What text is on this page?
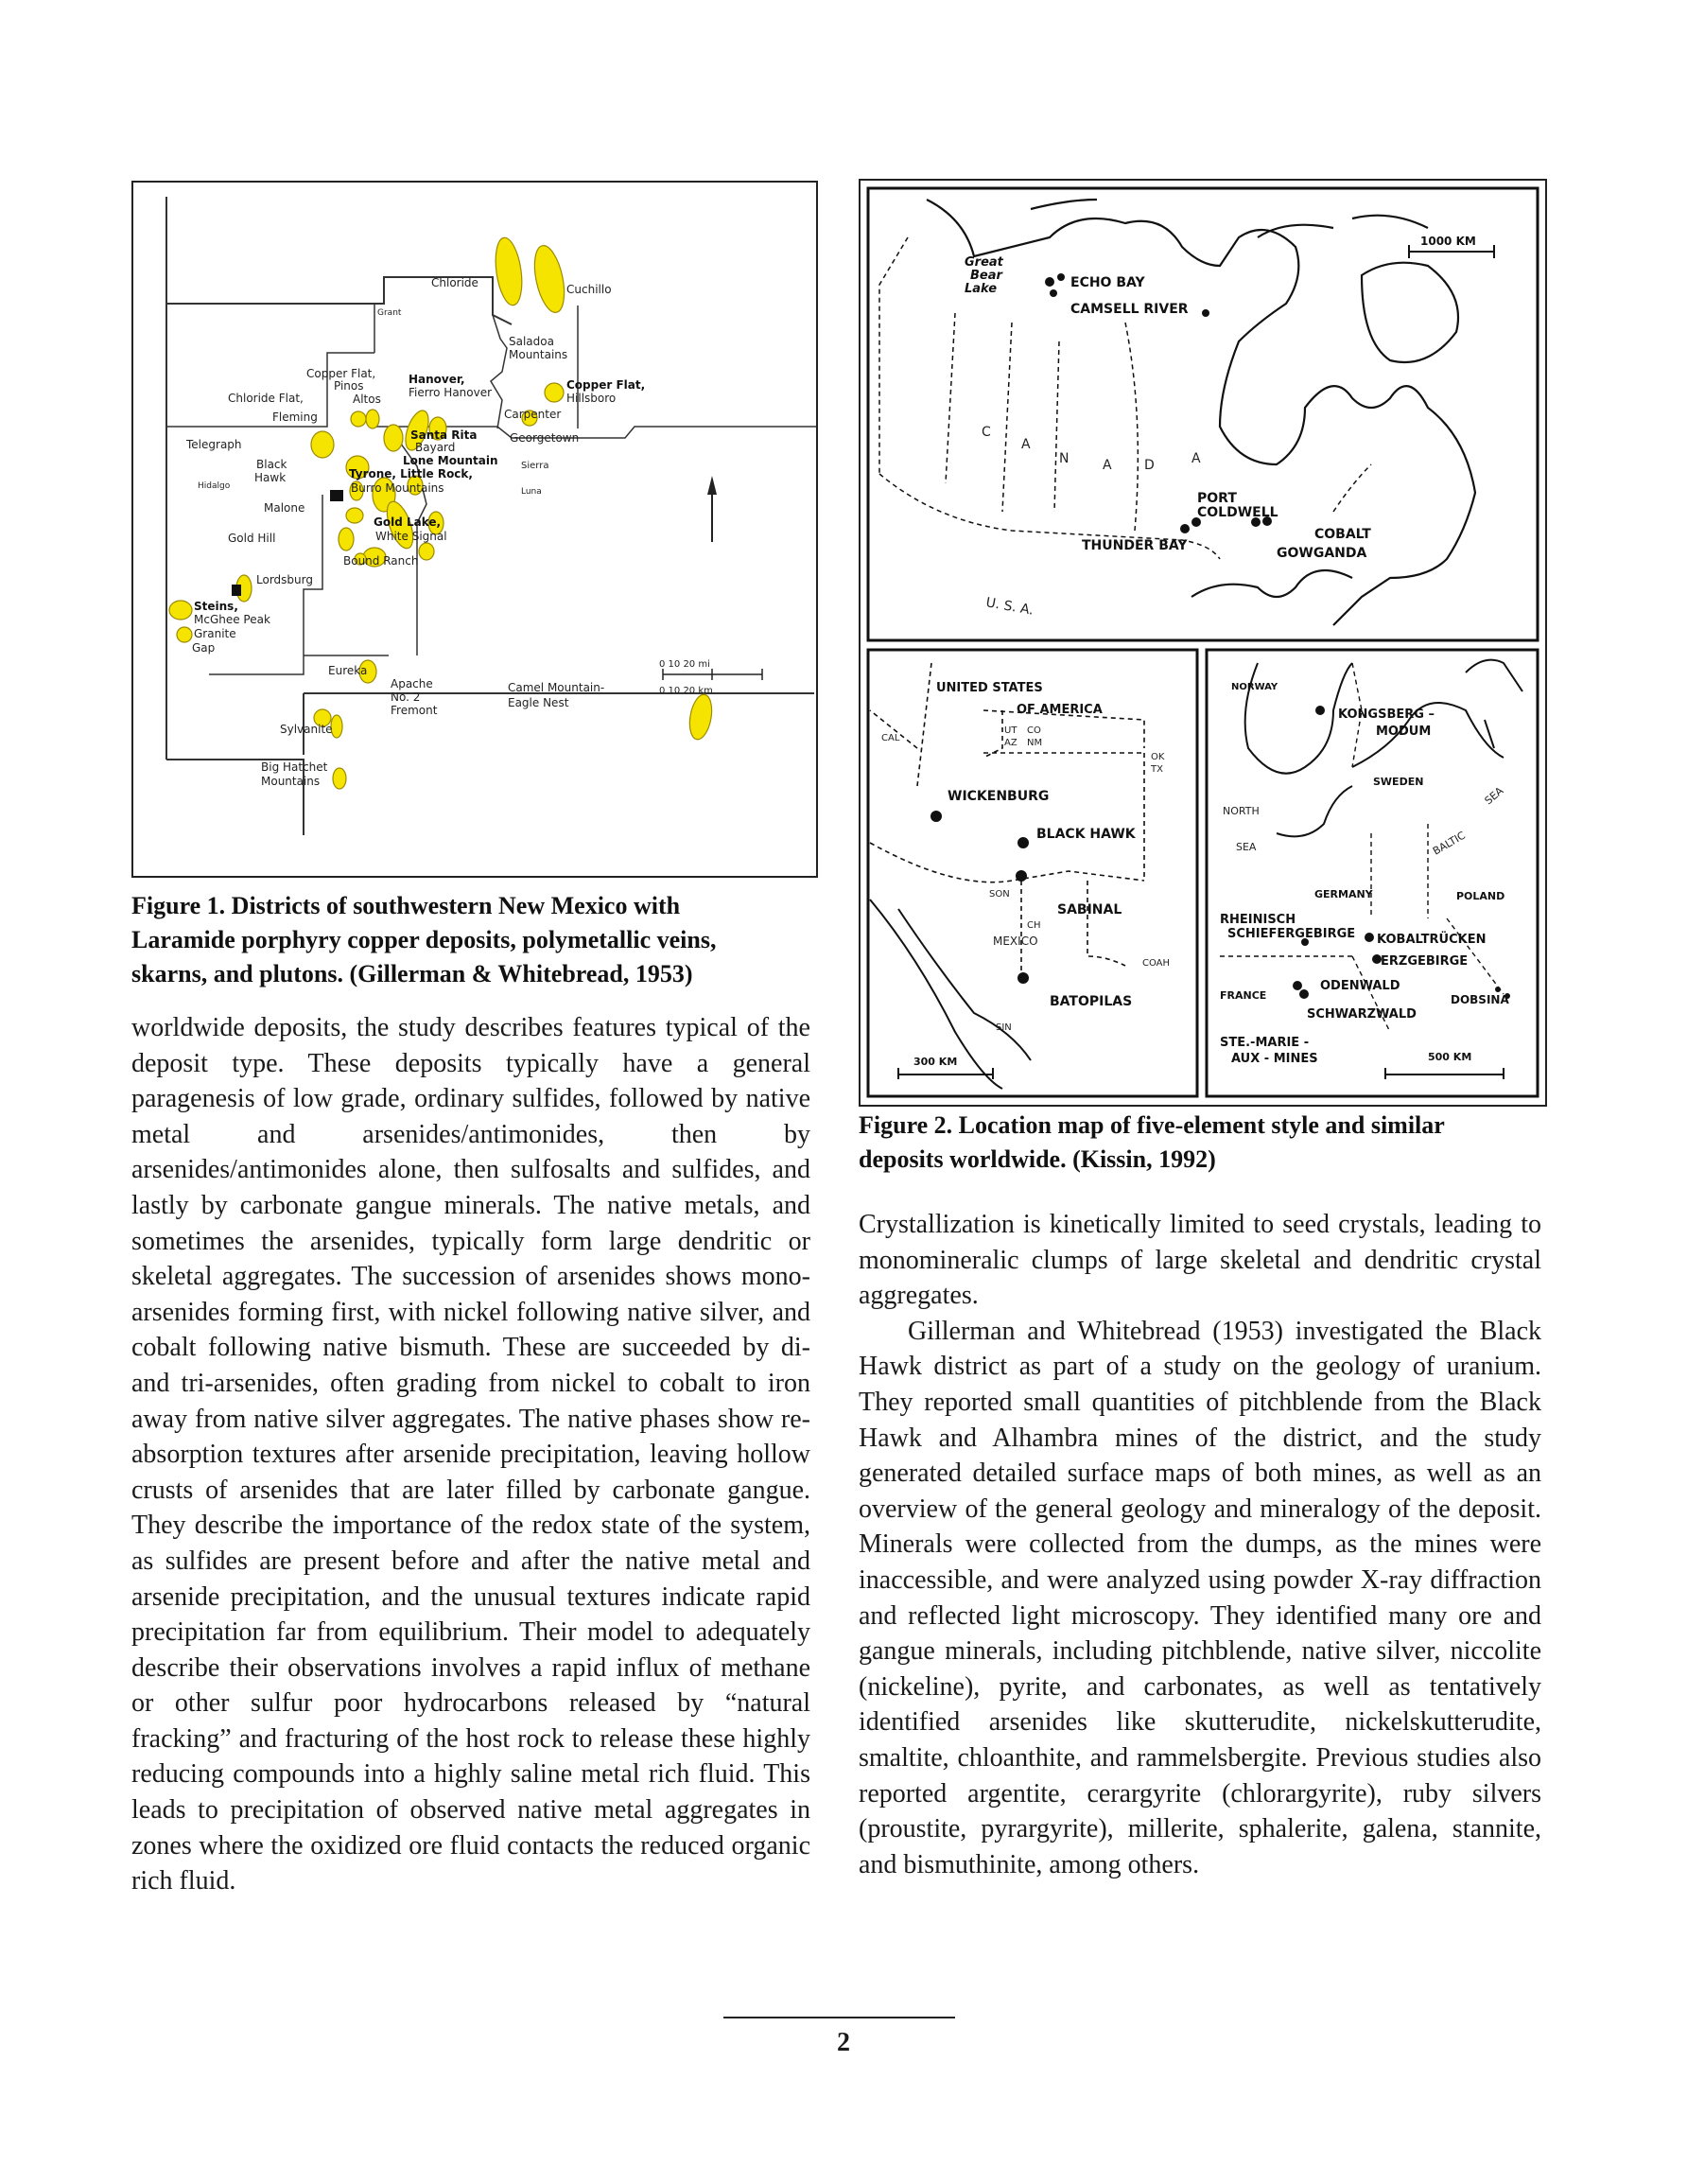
Chloride	Cuchillo
Grant
Saladoa
Mountains
Copper Flat,
Pinos
Altos
Hanover,
Fierro Hanover
Copper Flat,
Hillsboro
Chloride Flat,
Carpenter
Fleming
Telegraph
Santa Rita
Bayard
Georgetown
Black
Hawk
Lone Mountain Sierra
Hidalgo
Tyrone, Little Rock,
Burro Mountains	Luna
Malone
Gold Lake,
White Signal
Gold Hill
Bound Ranch
Lordsburg
Steins,
McGhee Peak
Granite
Gap
Eureka
Apache
No. 2
Fremont
Camel Mountain-
Eagle Nest
Sylvanite
Big Hatchet
Mountains
0 10 20 mi
0 10 20 km
Figure 1. Districts of southwestern New Mexico with Laramide porphyry copper deposits, polymetallic veins, skarns, and plutons. (Gillerman & Whitebread, 1953)
1000 KM
Great
Bear
Lake	ECHO BAY
CAMSELL RIVER
C
A
N	A D	A
PORT
COLDWELL
THUNDER BAY
COBALT
GOWGANDA
U. S. A.
UNITED STATES
OF AMERICA
UT CO
AZ NM
OK
TX
CAL
WICKENBURG
BLACK HAWK
SON
SABINAL
CH
MEXICO
COAH
SIN
BATOPILAS
300 KM
NORWAY
KONGSBERG –
MODUM
SWEDEN
NORTH
SEA
SEA
BALTIC
GERMANY	POLAND
RHEINISCH
SCHIEFERGEBIRGE KOBALTRÜCKEN
ERZGEBIRGE
FRANCE
ODENWALD
DOBSINA
SCHWARZWALD
STE.-MARIE -
AUX - MINES	500 KM
Figure 2. Location map of five-element style and similar deposits worldwide. (Kissin, 1992)

worldwide deposits, the study describes features typical of the deposit type. These deposits typically have a general paragenesis of low grade, ordinary sulfides, followed by native metal and arsenides/antimonides, then by arsenides/antimonides alone, then sulfosalts and sulfides, and lastly by carbonate gangue minerals. The native metals, and sometimes the arsenides, typically form large dendritic or skeletal aggregates. The succession of arsenides shows mono-arsenides forming first, with nickel following native silver, and cobalt following native bismuth. These are succeeded by di- and tri-arsenides, often grading from nickel to cobalt to iron away from native silver aggregates. The native phases show re-absorption textures after arsenide precipitation, leaving hollow crusts of arsenides that are later filled by carbonate gangue. They describe the importance of the redox state of the system, as sulfides are present before and after the native metal and arsenide precipitation, and the unusual textures indicate rapid precipitation far from equilibrium. Their model to adequately describe their observations involves a rapid influx of methane or other sulfur poor hydrocarbons released by “natural fracking” and fracturing of the host rock to release these highly reducing compounds into a highly saline metal rich fluid. This leads to precipitation of observed native metal aggregates in zones where the oxidized ore fluid contacts the reduced organic rich fluid.

Crystallization is kinetically limited to seed crystals, leading to monomineralic clumps of large skeletal and dendritic crystal aggregates.

Gillerman and Whitebread (1953) investigated the Black Hawk district as part of a study on the geology of uranium. They reported small quantities of pitchblende from the Black Hawk and Alhambra mines of the district, and the study generated detailed surface maps of both mines, as well as an overview of the general geology and mineralogy of the deposit. Minerals were collected from the dumps, as the mines were inaccessible, and were analyzed using powder X-ray diffraction and reflected light microscopy. They identified many ore and gangue minerals, including pitchblende, native silver, niccolite (nickeline), pyrite, and carbonates, as well as tentatively identified arsenides like skutterudite, nickelskutterudite, smaltite, chloanthite, and rammelsbergite. Previous studies also reported argentite, cerargyrite (chlorargyrite), ruby silvers (proustite, pyrargyrite), millerite, sphalerite, galena, stannite, and bismuthinite, among others.

2
